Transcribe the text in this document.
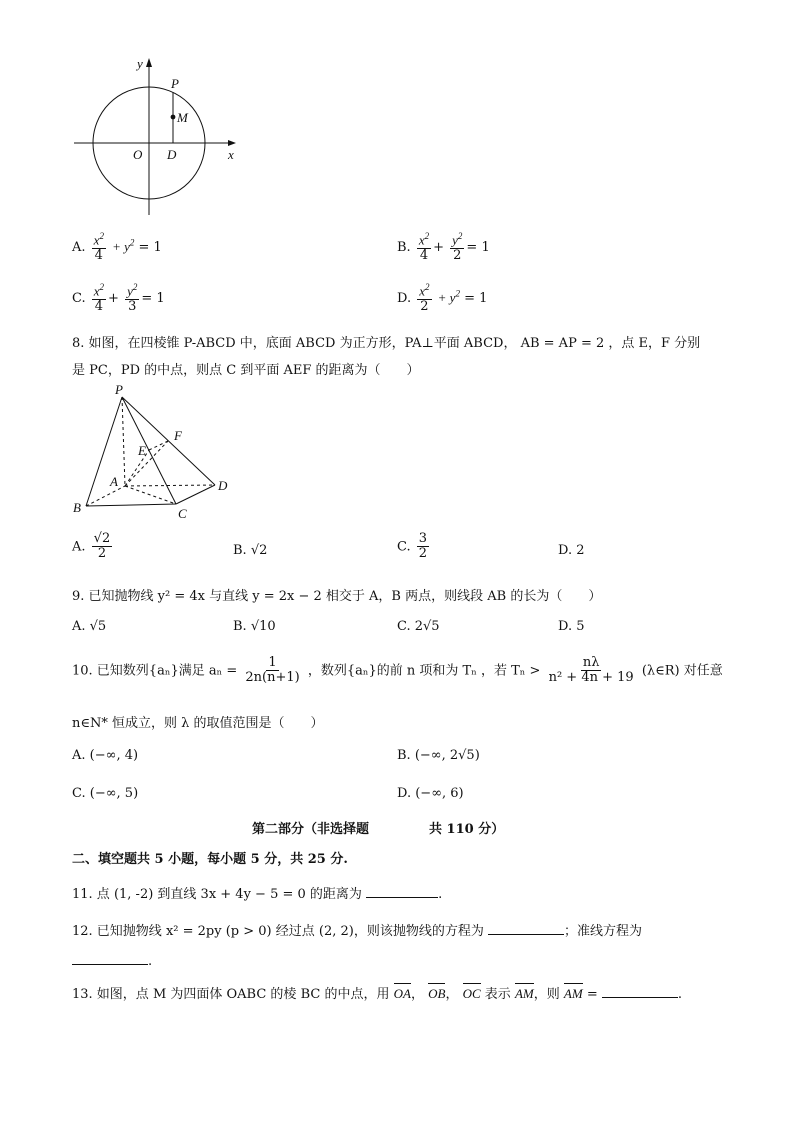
y
P
M
O D	x
A. $\frac{x^2}{4} + y^2 = 1$	B. $\frac{x^2}{4} + \frac{y^2}{2} = 1$
C. $\frac{x^2}{4} + \frac{y^2}{3} = 1$	D. $\frac{x^2}{2} + y^2 = 1$
8. 如图，在四棱锥 P-ABCD 中，底面 ABCD 为正方形，PA⊥平面 ABCD， AB = AP = 2 ，点 E，F 分别
是 PC，PD 的中点，则点 C 到平面 AEF 的距离为（　　）
P
E
F
A	D
B	C
A. $\frac{√2}{2}$	B. √2	C. $\frac{3}{2}$	D. 2
9. 已知抛物线 y² = 4x 与直线 y = 2x − 2 相交于 A，B 两点，则线段 AB 的长为（　　）
A. √5	B. √10	C. 2√5	D. 5
10. 已知数列{aₙ}满足 $a_n = \frac{1}{2n(n+1)}$ ，数列{aₙ}的前 n 项和为 Tₙ ，若 $T_n > \frac{n\lambda}{\text{n² + 4n + 19}}$ (λ∈R) 对任意
n∈N* 恒成立，则 λ 的取值范围是（　　）
A. (−∞, 4)	B. (−∞, 2√5)
C. (−∞, 5)	D. (−∞, 6)
第二部分（非选择题	共 110 分）
二、填空题共 5 小题，每小题 5 分，共 25 分.
11. 点 (1, -2) 到直线 3x + 4y − 5 = 0 的距离为	.
12. 已知抛物线 x² = 2py (p > 0) 经过点 (2, 2)，则该抛物线的方程为	；准线方程为
.
13. 如图，点 M 为四面体 OABC 的棱 BC 的中点，用 OA， OB， OC 表示 AM，则 AM =	.
